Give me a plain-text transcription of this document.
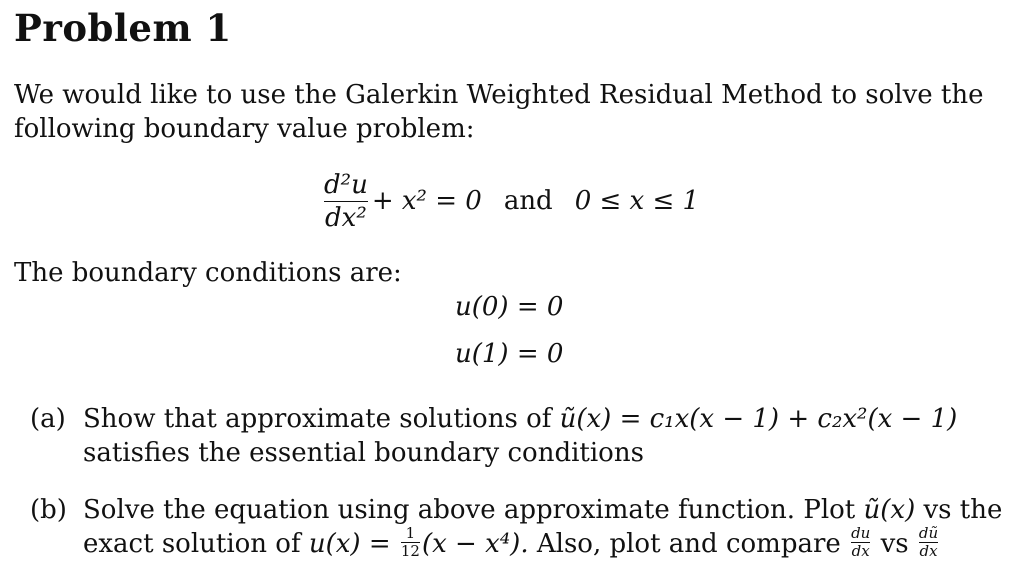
Problem 1
We would like to use the Galerkin Weighted Residual Method to solve the following boundary value problem:
$\frac{\text{d²u}}{\text{dx²}} + x^2 = 0$ and 0 ≤ x ≤ 1
The boundary conditions are:
u(0) = 0
u(1) = 0
(a) Show that approximate solutions of ũ(x) = c₁x(x − 1) + c₂x²(x − 1) satisfies the essential boundary conditions
(b) Solve the equation using above approximate function. Plot ũ(x) vs the exact solution of $u(x) = \frac{1}{12} (x - x^4)$. Also, plot and compare $\frac{du}{dx}$ vs $\frac{dũ}{dx}$
